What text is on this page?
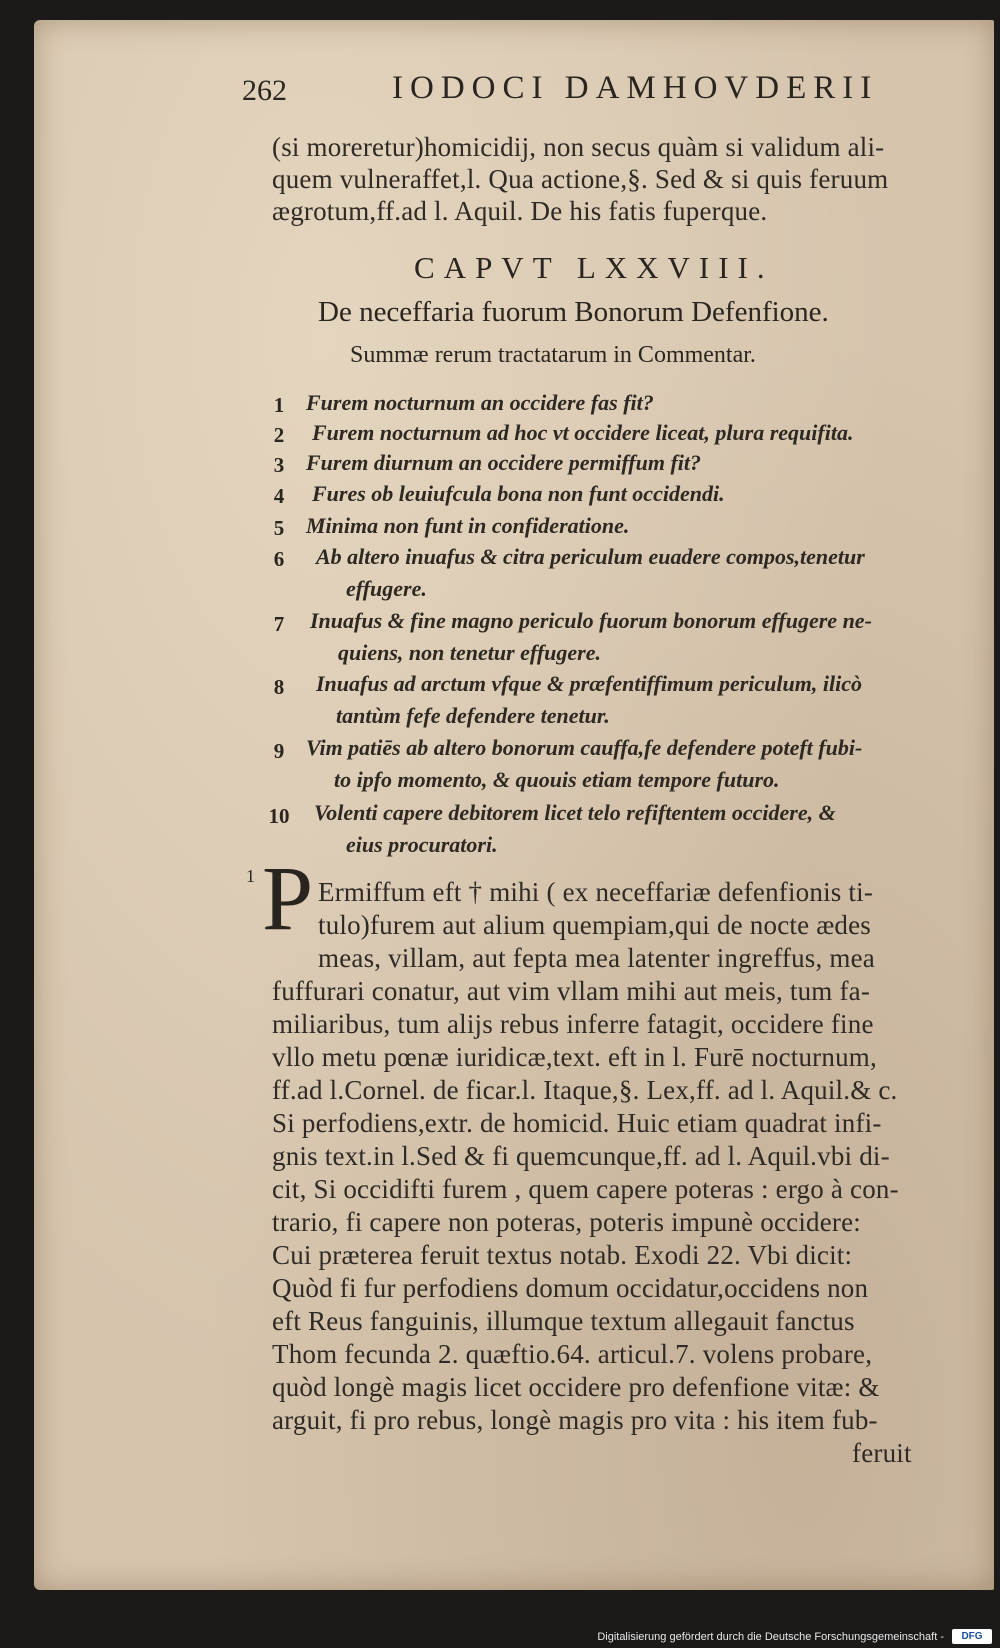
262	IODOCI DAMHOVDERII
(si moreretur)homicidij, non secus quàm si validum ali-
quem vulneraffet,l. Qua actione,§. Sed & si quis feruum
ægrotum,ff.ad l. Aquil. De his fatis fuperque.
CAPVT LXXVIII.
De neceffaria fuorum Bonorum Defenfione.
Summæ rerum tractatarum in Commentar.
1 Furem nocturnum an occidere fas fit?
2	Furem nocturnum ad hoc vt occidere liceat, plura requifita.
3 Furem diurnum an occidere permiffum fit?
4	Fures ob leuiufcula bona non funt occidendi.
5 Minima non funt in confideratione.
6	Ab altero inuafus & citra periculum euadere compos,tenetur
effugere.
7	Inuafus & fine magno periculo fuorum bonorum effugere ne-
quiens, non tenetur effugere.
8	Inuafus ad arctum vfque & præfentiffimum periculum, ilicò
tantùm fefe defendere tenetur.
9 Vim patiēs ab altero bonorum cauffa,fe defendere poteft fubi-
to ipfo momento, & quouis etiam tempore futuro.
10 Volenti capere debitorem licet telo refiftentem occidere, &
eius procuratori.
1 P Ermiffum eft † mihi ( ex neceffariæ defenfionis ti-
tulo)furem aut alium quempiam,qui de nocte ædes
meas, villam, aut fepta mea latenter ingreffus, mea
fuffurari conatur, aut vim vllam mihi aut meis, tum fa-
miliaribus, tum alijs rebus inferre fatagit, occidere fine
vllo metu pœnæ iuridicæ,text. eft in l. Furē nocturnum,
ff.ad l.Cornel. de ficar.l. Itaque,§. Lex,ff. ad l. Aquil.& c.
Si perfodiens,extr. de homicid. Huic etiam quadrat infi-
gnis text.in l.Sed & fi quemcunque,ff. ad l. Aquil.vbi di-
cit, Si occidifti furem , quem capere poteras : ergo à con-
trario, fi capere non poteras, poteris impunè occidere:
Cui præterea feruit textus notab. Exodi 22. Vbi dicit:
Quòd fi fur perfodiens domum occidatur,occidens non
eft Reus fanguinis, illumque textum allegauit fanctus
Thom fecunda 2. quæftio.64. articul.7. volens probare,
quòd longè magis licet occidere pro defenfione vitæ: &
arguit, fi pro rebus, longè magis pro vita : his item fub-
feruit
Digitalisierung gefördert durch die Deutsche Forschungsgemeinschaft -	DFG
